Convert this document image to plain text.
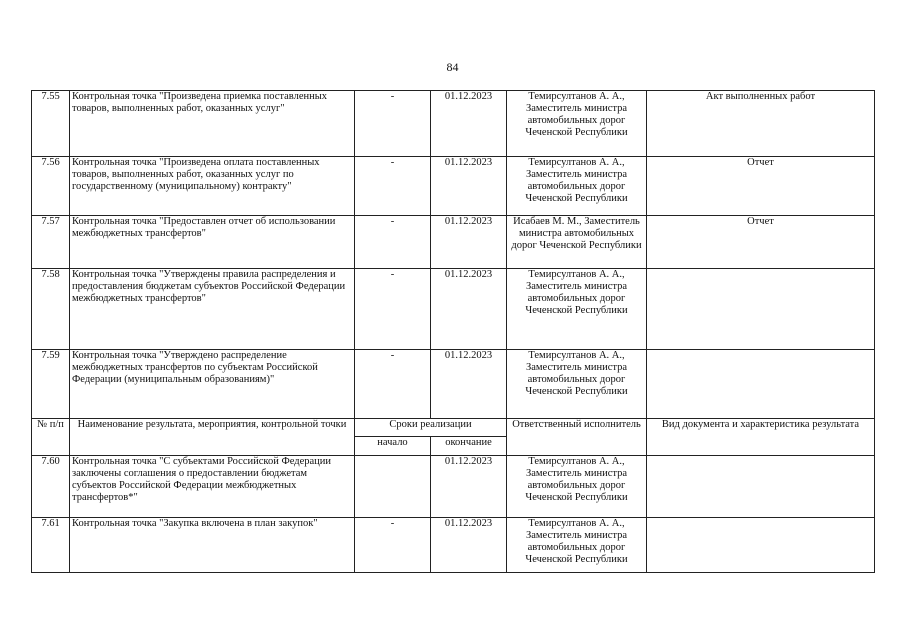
84
7.55	Контрольная точка "Произведена приемка поставленных товаров, выполненных работ, оказанных услуг"	-	01.12.2023	Темирсултанов А. А., Заместитель министра автомобильных дорог Чеченской Республики	Акт выполненных работ
7.56	Контрольная точка "Произведена оплата поставленных товаров, выполненных работ, оказанных услуг по государственному (муниципальному) контракту"	-	01.12.2023	Темирсултанов А. А., Заместитель министра автомобильных дорог Чеченской Республики	Отчет
7.57	Контрольная точка "Предоставлен отчет об использовании межбюджетных трансфертов"	-	01.12.2023	Исабаев М. М., Заместитель министра автомобильных дорог Чеченской Республики	Отчет
7.58	Контрольная точка "Утверждены правила распределения и предоставления бюджетам субъектов Российской Федерации межбюджетных трансфертов"	-	01.12.2023	Темирсултанов А. А., Заместитель министра автомобильных дорог Чеченской Республики	
7.59	Контрольная точка "Утверждено распределение межбюджетных трансфертов по субъектам Российской Федерации (муниципальным образованиям)"	-	01.12.2023	Темирсултанов А. А., Заместитель министра автомобильных дорог Чеченской Республики	
№ п/п	Наименование результата, мероприятия, контрольной точки	Сроки реализации		Ответственный исполнитель	Вид документа и характеристика результата
		начало	окончание		
7.60	Контрольная точка "С субъектами Российской Федерации заключены соглашения о предоставлении бюджетам субъектов Российской Федерации межбюджетных трансфертов*"		01.12.2023	Темирсултанов А. А., Заместитель министра автомобильных дорог Чеченской Республики	
7.61	Контрольная точка "Закупка включена в план закупок"	-	01.12.2023	Темирсултанов А. А., Заместитель министра автомобильных дорог Чеченской Республики	
